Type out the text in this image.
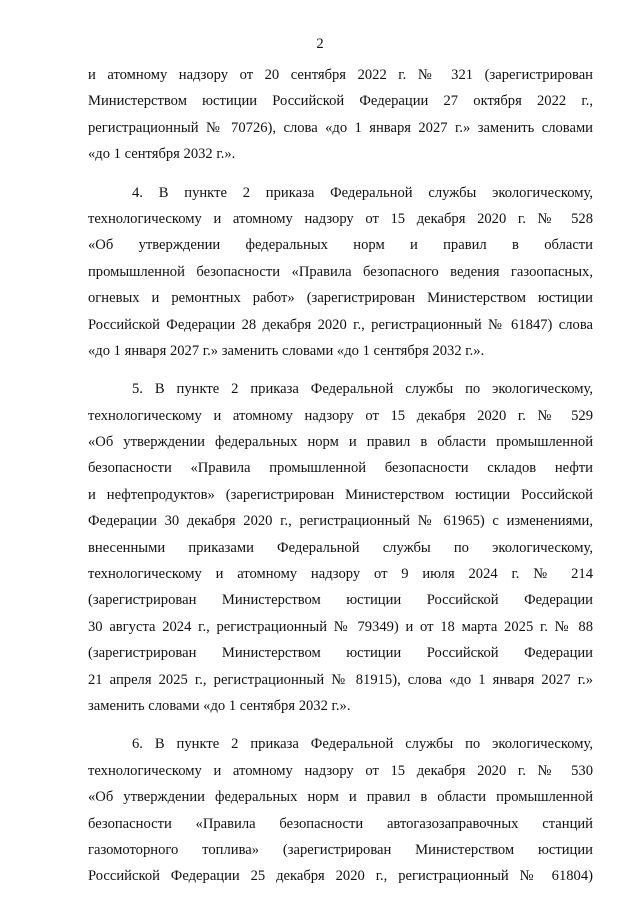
2
и атомному надзору от 20 сентября 2022 г. № 321 (зарегистрирован
Министерством юстиции Российской Федерации 27 октября 2022 г.,
регистрационный № 70726), слова «до 1 января 2027 г.» заменить словами
«до 1 сентября 2032 г.».
4. В пункте 2 приказа Федеральной службы экологическому,
технологическому и атомному надзору от 15 декабря 2020 г. № 528
«Об утверждении федеральных норм и правил в области
промышленной безопасности «Правила безопасного ведения газоопасных,
огневых и ремонтных работ» (зарегистрирован Министерством юстиции
Российской Федерации 28 декабря 2020 г., регистрационный № 61847) слова
«до 1 января 2027 г.» заменить словами «до 1 сентября 2032 г.».
5. В пункте 2 приказа Федеральной службы по экологическому,
технологическому и атомному надзору от 15 декабря 2020 г. № 529
«Об утверждении федеральных норм и правил в области промышленной
безопасности «Правила промышленной безопасности складов нефти
и нефтепродуктов» (зарегистрирован Министерством юстиции Российской
Федерации 30 декабря 2020 г., регистрационный № 61965) с изменениями,
внесенными приказами Федеральной службы по экологическому,
технологическому и атомному надзору от 9 июля 2024 г. № 214
(зарегистрирован Министерством юстиции Российской Федерации
30 августа 2024 г., регистрационный № 79349) и от 18 марта 2025 г. № 88
(зарегистрирован Министерством юстиции Российской Федерации
21 апреля 2025 г., регистрационный № 81915), слова «до 1 января 2027 г.»
заменить словами «до 1 сентября 2032 г.».
6. В пункте 2 приказа Федеральной службы по экологическому,
технологическому и атомному надзору от 15 декабря 2020 г. № 530
«Об утверждении федеральных норм и правил в области промышленной
безопасности «Правила безопасности автогазозаправочных станций
газомоторного топлива» (зарегистрирован Министерством юстиции
Российской Федерации 25 декабря 2020 г., регистрационный № 61804)
